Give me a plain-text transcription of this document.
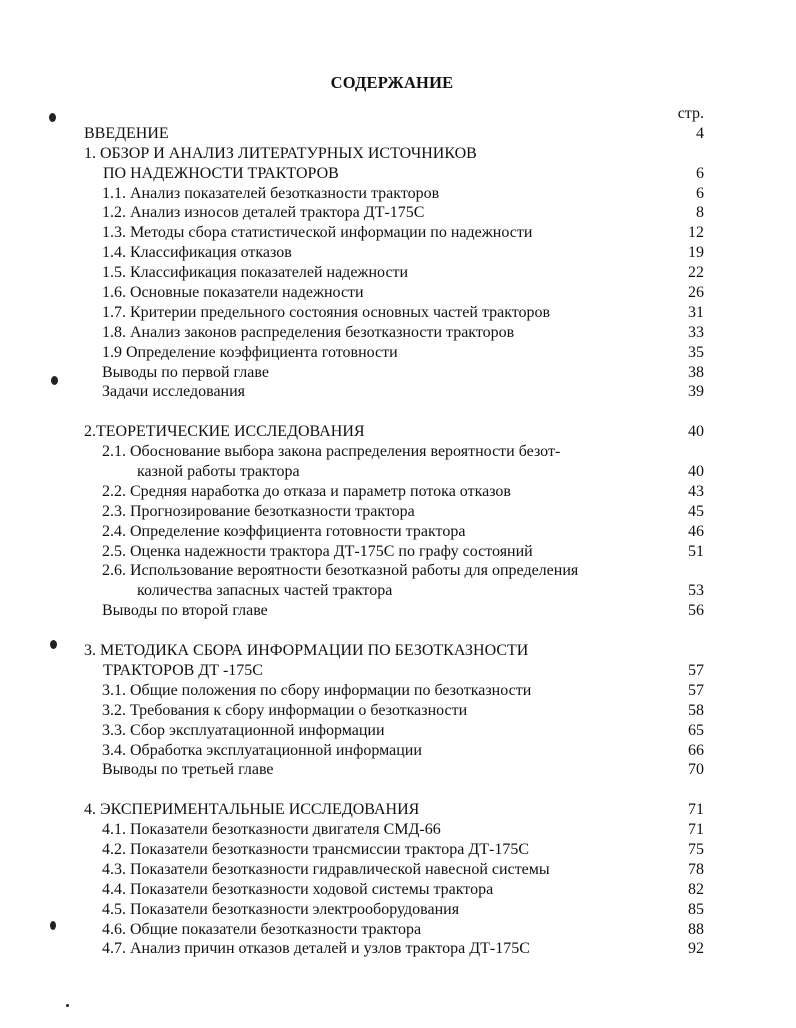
СОДЕРЖАНИЕ
стр.
ВВЕДЕНИЕ	4
1. ОБЗОР И АНАЛИЗ ЛИТЕРАТУРНЫХ ИСТОЧНИКОВ
ПО НАДЕЖНОСТИ ТРАКТОРОВ	6
1.1. Анализ показателей безотказности тракторов	6
1.2. Анализ износов деталей трактора ДТ-175С	8
1.3. Методы сбора статистической информации по надежности	12
1.4. Классификация отказов	19
1.5. Классификация показателей надежности	22
1.6. Основные показатели надежности	26
1.7. Критерии предельного состояния основных частей тракторов	31
1.8. Анализ законов распределения безотказности тракторов	33
1.9 Определение коэффициента готовности	35
Выводы по первой главе	38
Задачи исследования	39
2.ТЕОРЕТИЧЕСКИЕ ИССЛЕДОВАНИЯ	40
2.1. Обоснование выбора закона распределения вероятности безот-
казной работы трактора	40
2.2. Средняя наработка до отказа и параметр потока отказов	43
2.3. Прогнозирование безотказности трактора	45
2.4. Определение коэффициента готовности трактора	46
2.5. Оценка надежности трактора ДТ-175С по графу состояний	51
2.6. Использование вероятности безотказной работы для определения
количества запасных частей трактора	53
Выводы по второй главе	56
3. МЕТОДИКА СБОРА ИНФОРМАЦИИ ПО БЕЗОТКАЗНОСТИ
ТРАКТОРОВ ДТ -175С	57
3.1. Общие положения по сбору информации по безотказности	57
3.2. Требования к сбору информации о безотказности	58
3.3. Сбор эксплуатационной информации	65
3.4. Обработка эксплуатационной информации	66
Выводы по третьей главе	70
4. ЭКСПЕРИМЕНТАЛЬНЫЕ ИССЛЕДОВАНИЯ	71
4.1. Показатели безотказности двигателя СМД-66	71
4.2. Показатели безотказности трансмиссии трактора ДТ-175С	75
4.3. Показатели безотказности гидравлической навесной системы	78
4.4. Показатели безотказности ходовой системы трактора	82
4.5. Показатели безотказности электрооборудования	85
4.6. Общие показатели безотказности трактора	88
4.7. Анализ причин отказов деталей и узлов трактора ДТ-175С	92
